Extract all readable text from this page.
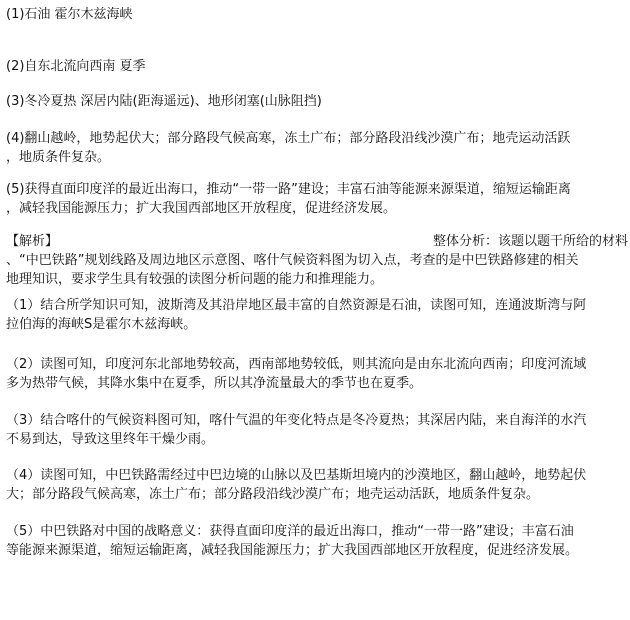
(1)石油 霍尔木兹海峡
(2)自东北流向西南 夏季
(3)冬冷夏热 深居内陆(距海遥远)、地形闭塞(山脉阻挡)
(4)翻山越岭，地势起伏大；部分路段气候高寒，冻土广布；部分路段沿线沙漠广布；地壳运动活跃
，地质条件复杂。
(5)获得直面印度洋的最近出海口，推动“一带一路”建设；丰富石油等能源来源渠道，缩短运输距离
，减轻我国能源压力；扩大我国西部地区开放程度，促进经济发展。
【解析】	整体分析：该题以题干所给的材料
、“中巴铁路”规划线路及周边地区示意图、喀什气候资料图为切入点，考查的是中巴铁路修建的相关
地理知识，要求学生具有较强的读图分析问题的能力和推理能力。
（1）结合所学知识可知，波斯湾及其沿岸地区最丰富的自然资源是石油，读图可知，连通波斯湾与阿
拉伯海的海峡S是霍尔木兹海峡。
（2）读图可知，印度河东北部地势较高，西南部地势较低，则其流向是由东北流向西南；印度河流域
多为热带气候，其降水集中在夏季，所以其净流量最大的季节也在夏季。
（3）结合喀什的气候资料图可知，喀什气温的年变化特点是冬冷夏热；其深居内陆，来自海洋的水汽
不易到达，导致这里终年干燥少雨。
（4）读图可知，中巴铁路需经过中巴边境的山脉以及巴基斯坦境内的沙漠地区，翻山越岭，地势起伏
大；部分路段气候高寒，冻土广布；部分路段沿线沙漠广布；地壳运动活跃，地质条件复杂。
（5）中巴铁路对中国的战略意义：获得直面印度洋的最近出海口，推动“一带一路”建设；丰富石油
等能源来源渠道，缩短运输距离，减轻我国能源压力；扩大我国西部地区开放程度，促进经济发展。
